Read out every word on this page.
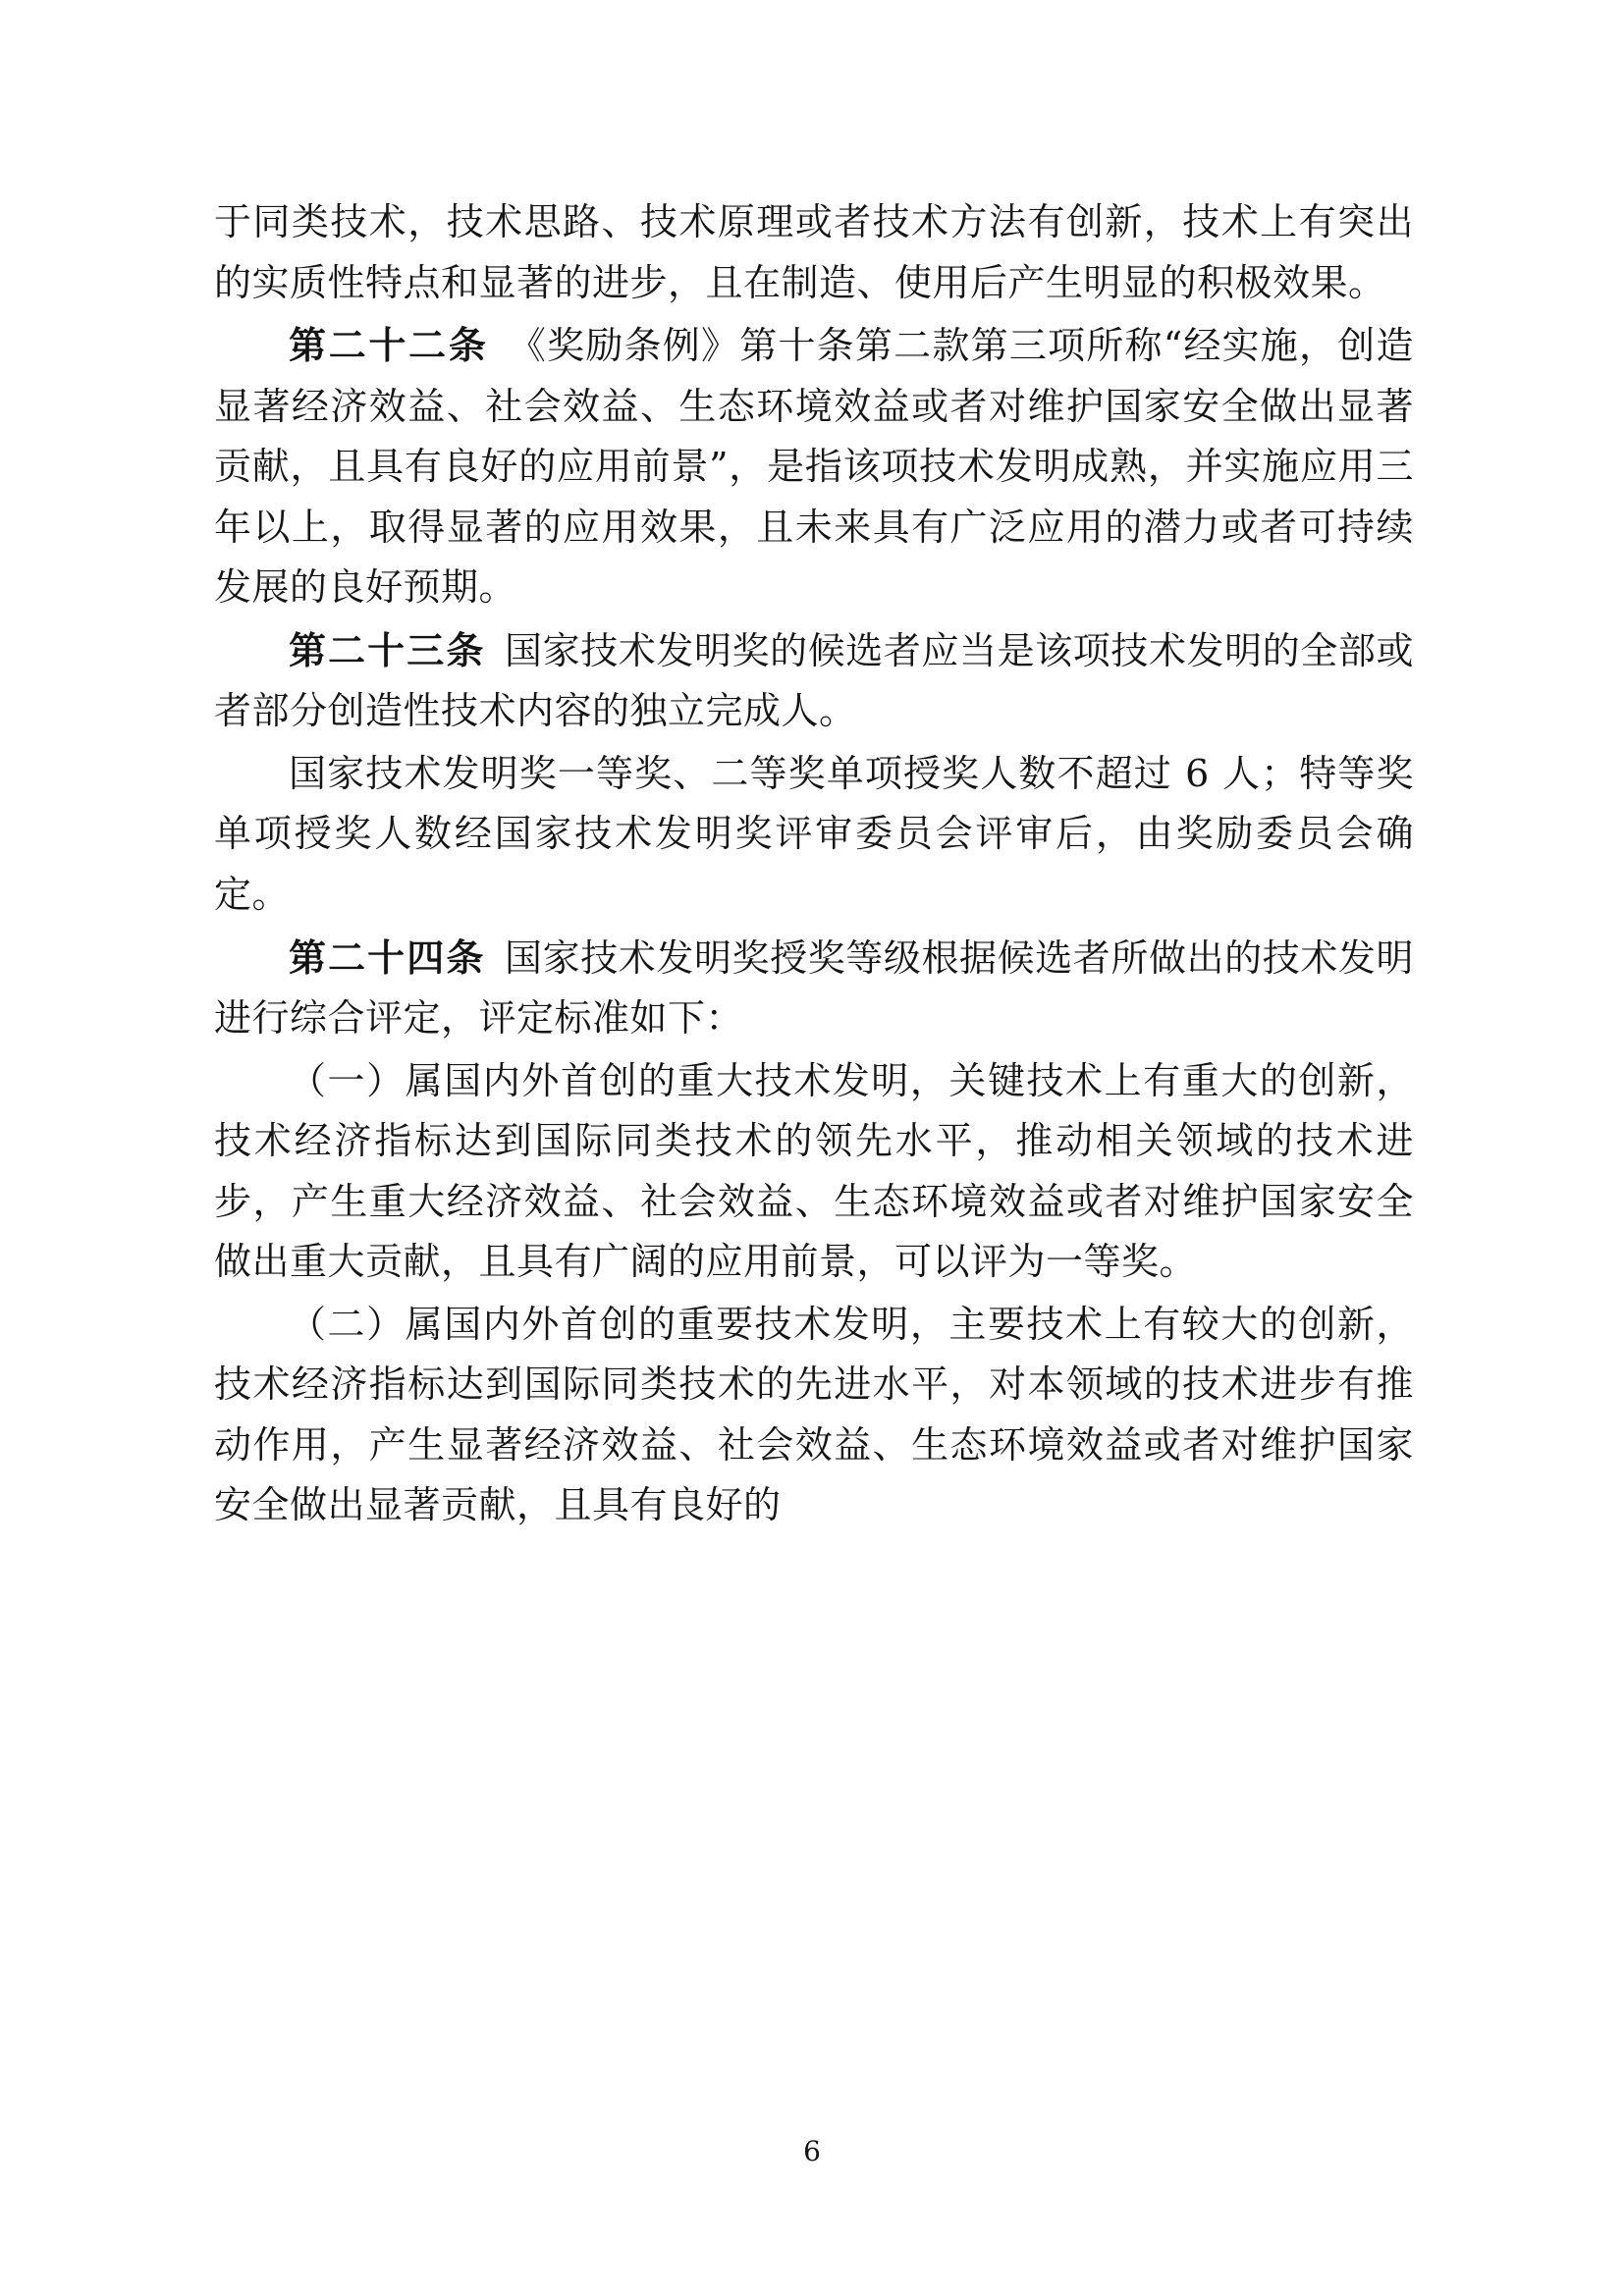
于同类技术，技术思路、技术原理或者技术方法有创新，技术上有突出的实质性特点和显著的进步，且在制造、使用后产生明显的积极效果。

第二十二条  《奖励条例》第十条第二款第三项所称“经实施，创造显著经济效益、社会效益、生态环境效益或者对维护国家安全做出显著贡献，且具有良好的应用前景”，是指该项技术发明成熟，并实施应用三年以上，取得显著的应用效果，且未来具有广泛应用的潜力或者可持续发展的良好预期。

第二十三条  国家技术发明奖的候选者应当是该项技术发明的全部或者部分创造性技术内容的独立完成人。

国家技术发明奖一等奖、二等奖单项授奖人数不超过 6 人；特等奖单项授奖人数经国家技术发明奖评审委员会评审后，由奖励委员会确定。

第二十四条  国家技术发明奖授奖等级根据候选者所做出的技术发明进行综合评定，评定标准如下：

（一）属国内外首创的重大技术发明，关键技术上有重大的创新，技术经济指标达到国际同类技术的领先水平，推动相关领域的技术进步，产生重大经济效益、社会效益、生态环境效益或者对维护国家安全做出重大贡献，且具有广阔的应用前景，可以评为一等奖。

（二）属国内外首创的重要技术发明，主要技术上有较大的创新，技术经济指标达到国际同类技术的先进水平，对本领域的技术进步有推动作用，产生显著经济效益、社会效益、生态环境效益或者对维护国家安全做出显著贡献，且具有良好的

6
